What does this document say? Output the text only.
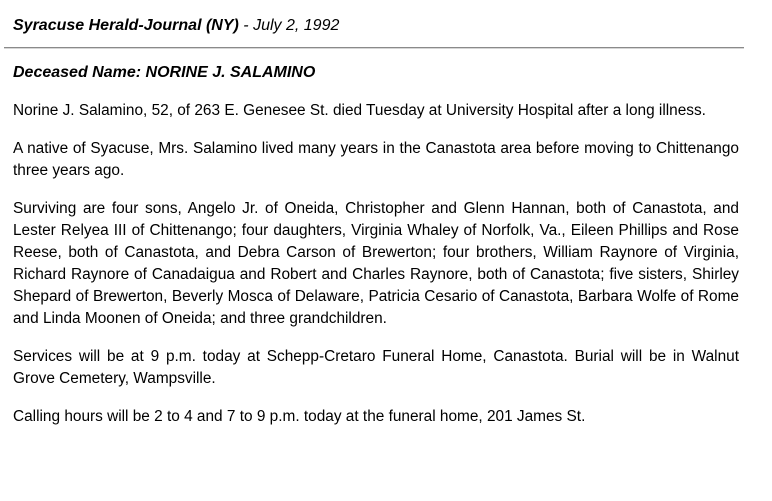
Syracuse Herald-Journal (NY) - July 2, 1992
Deceased Name: NORINE J. SALAMINO

Norine J. Salamino, 52, of 263 E. Genesee St. died Tuesday at University Hospital after a long illness.

A native of Syacuse, Mrs. Salamino lived many years in the Canastota area before moving to Chittenango three years ago.

Surviving are four sons, Angelo Jr. of Oneida, Christopher and Glenn Hannan, both of Canastota, and Lester Relyea III of Chittenango; four daughters, Virginia Whaley of Norfolk, Va., Eileen Phillips and Rose Reese, both of Canastota, and Debra Carson of Brewerton; four brothers, William Raynore of Virginia, Richard Raynore of Canadaigua and Robert and Charles Raynore, both of Canastota; five sisters, Shirley Shepard of Brewerton, Beverly Mosca of Delaware, Patricia Cesario of Canastota, Barbara Wolfe of Rome and Linda Moonen of Oneida; and three grandchildren.

Services will be at 9 p.m. today at Schepp-Cretaro Funeral Home, Canastota. Burial will be in Walnut Grove Cemetery, Wampsville.

Calling hours will be 2 to 4 and 7 to 9 p.m. today at the funeral home, 201 James St.
